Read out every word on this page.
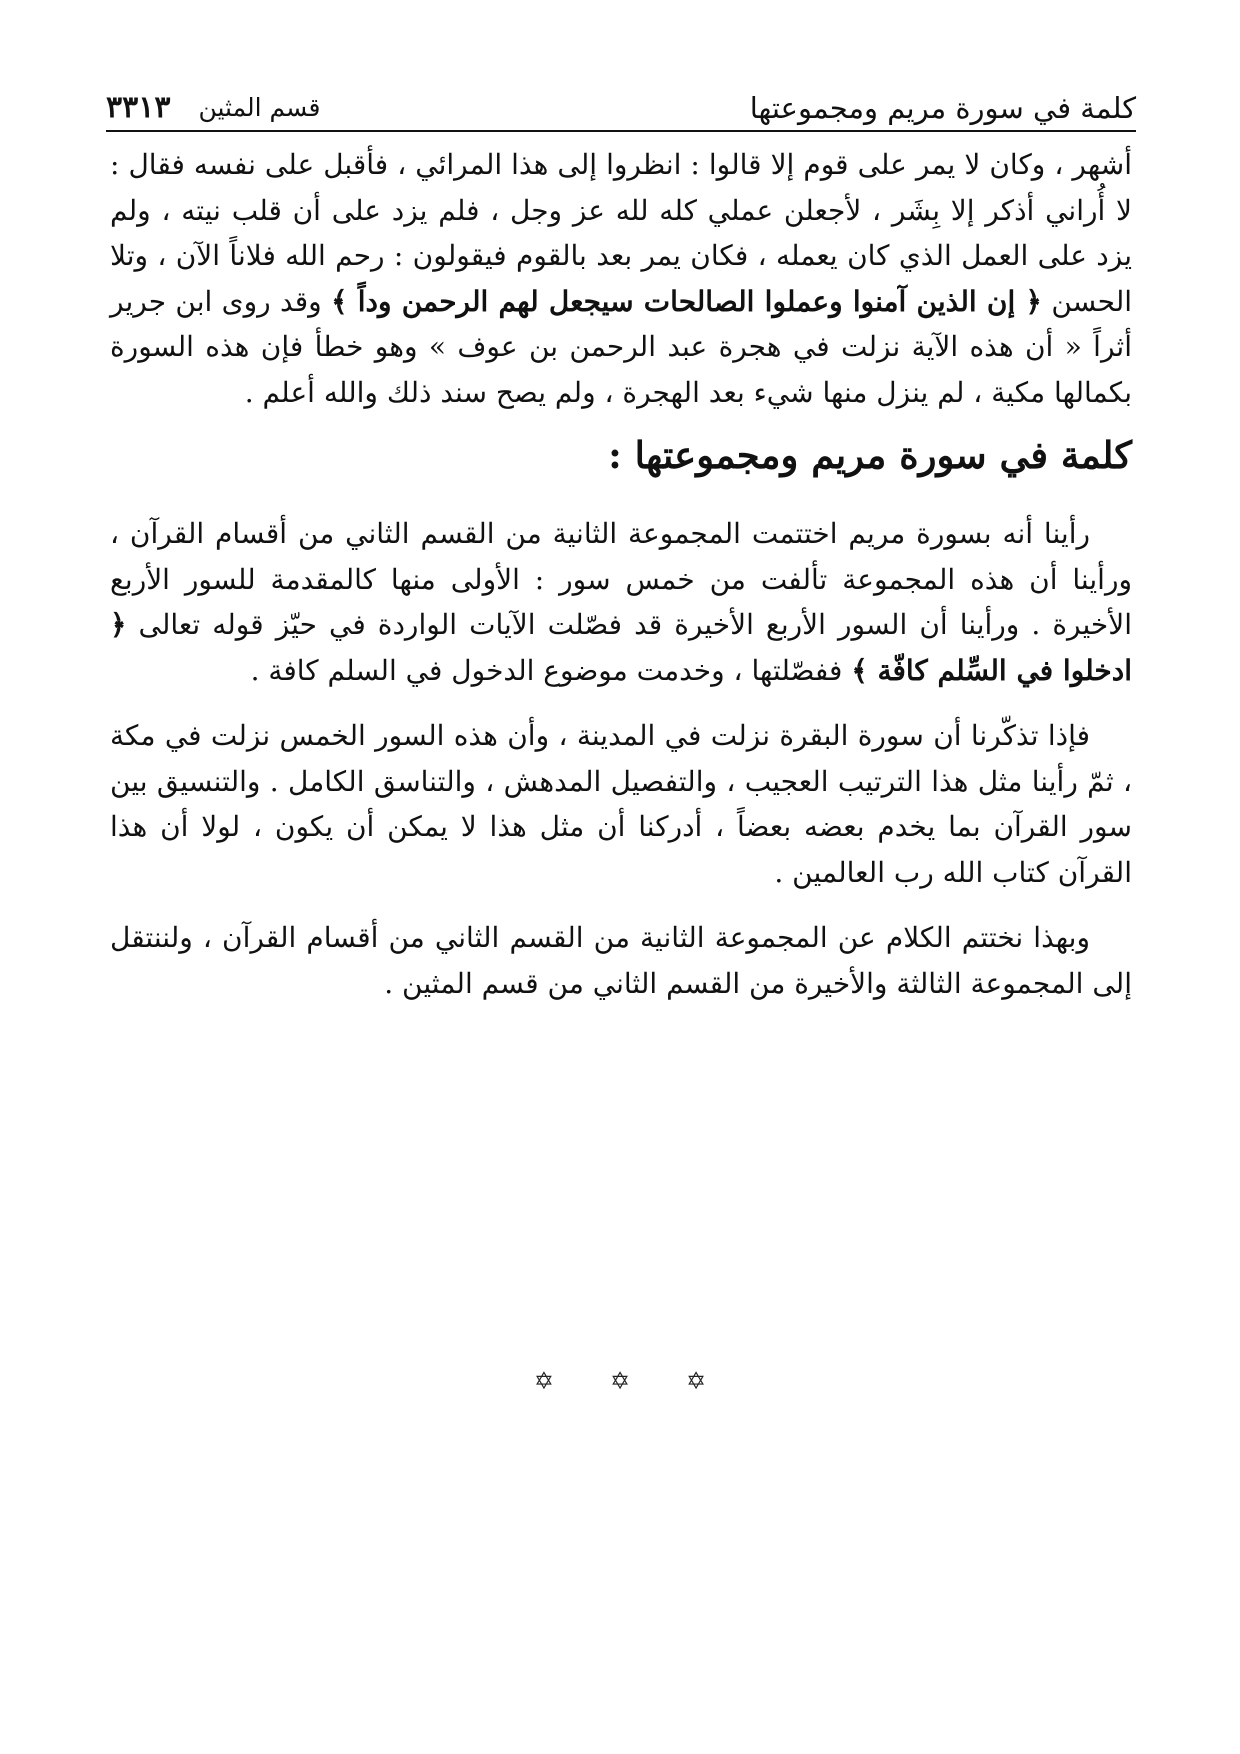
كلمة في سورة مريم ومجموعتها
قسم المثين
٣٣١٣

أشهر ، وكان لا يمر على قوم إلا قالوا : انظروا إلى هذا المرائي ، فأقبل على نفسه فقال : لا أُراني أذكر إلا بِشَر ، لأجعلن عملي كله لله عز وجل ، فلم يزد على أن قلب نيته ، ولم يزد على العمل الذي كان يعمله ، فكان يمر بعد بالقوم فيقولون : رحم الله فلاناً الآن ، وتلا الحسن ﴿ إن الذين آمنوا وعملوا الصالحات سيجعل لهم الرحمن وداً ﴾ وقد روى ابن جرير أثراً « أن هذه الآية نزلت في هجرة عبد الرحمن بن عوف » وهو خطأ فإن هذه السورة بكمالها مكية ، لم ينزل منها شيء بعد الهجرة ، ولم يصح سند ذلك والله أعلم .

كلمة في سورة مريم ومجموعتها :

رأينا أنه بسورة مريم اختتمت المجموعة الثانية من القسم الثاني من أقسام القرآن ، ورأينا أن هذه المجموعة تألفت من خمس سور : الأولى منها كالمقدمة للسور الأربع الأخيرة . ورأينا أن السور الأربع الأخيرة قد فصّلت الآيات الواردة في حيّز قوله تعالى ﴿ ادخلوا في السِّلم كافّة ﴾ ففصّلتها ، وخدمت موضوع الدخول في السلم كافة .

فإذا تذكّرنا أن سورة البقرة نزلت في المدينة ، وأن هذه السور الخمس نزلت في مكة ، ثمّ رأينا مثل هذا الترتيب العجيب ، والتفصيل المدهش ، والتناسق الكامل . والتنسيق بين سور القرآن بما يخدم بعضه بعضاً ، أدركنا أن مثل هذا لا يمكن أن يكون ، لولا أن هذا القرآن كتاب الله رب العالمين .

وبهذا نختتم الكلام عن المجموعة الثانية من القسم الثاني من أقسام القرآن ، ولننتقل إلى المجموعة الثالثة والأخيرة من القسم الثاني من قسم المثين .

✡ ✡ ✡
